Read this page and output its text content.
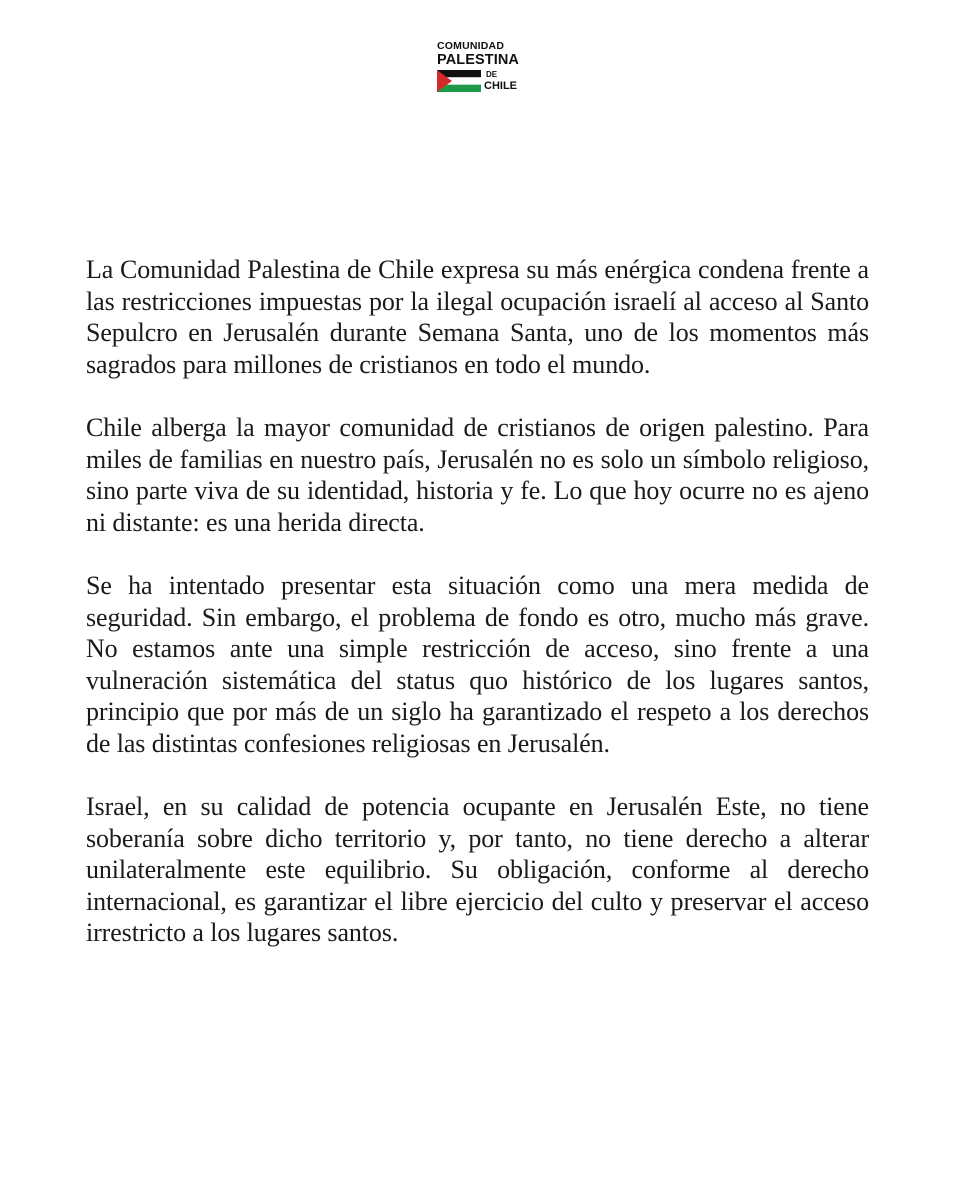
COMUNIDAD
PALESTINA
DE
CHILE

La Comunidad Palestina de Chile expresa su más enérgica condena frente a las restricciones impuestas por la ilegal ocupación israelí al acceso al Santo Sepulcro en Jerusalén durante Semana Santa, uno de los momentos más sagrados para millones de cristianos en todo el mundo.

Chile alberga la mayor comunidad de cristianos de origen palestino. Para miles de familias en nuestro país, Jerusalén no es solo un símbolo religioso, sino parte viva de su identidad, historia y fe. Lo que hoy ocurre no es ajeno ni distante: es una herida directa.

Se ha intentado presentar esta situación como una mera medida de seguridad. Sin embargo, el problema de fondo es otro, mucho más grave. No estamos ante una simple restricción de acceso, sino frente a una vulneración sistemática del status quo histórico de los lugares santos, principio que por más de un siglo ha garantizado el respeto a los derechos de las distintas confesiones religiosas en Jerusalén.

Israel, en su calidad de potencia ocupante en Jerusalén Este, no tiene soberanía sobre dicho territorio y, por tanto, no tiene derecho a alterar unilateralmente este equilibrio. Su obligación, conforme al derecho internacional, es garantizar el libre ejercicio del culto y preservar el acceso irrestricto a los lugares santos.
